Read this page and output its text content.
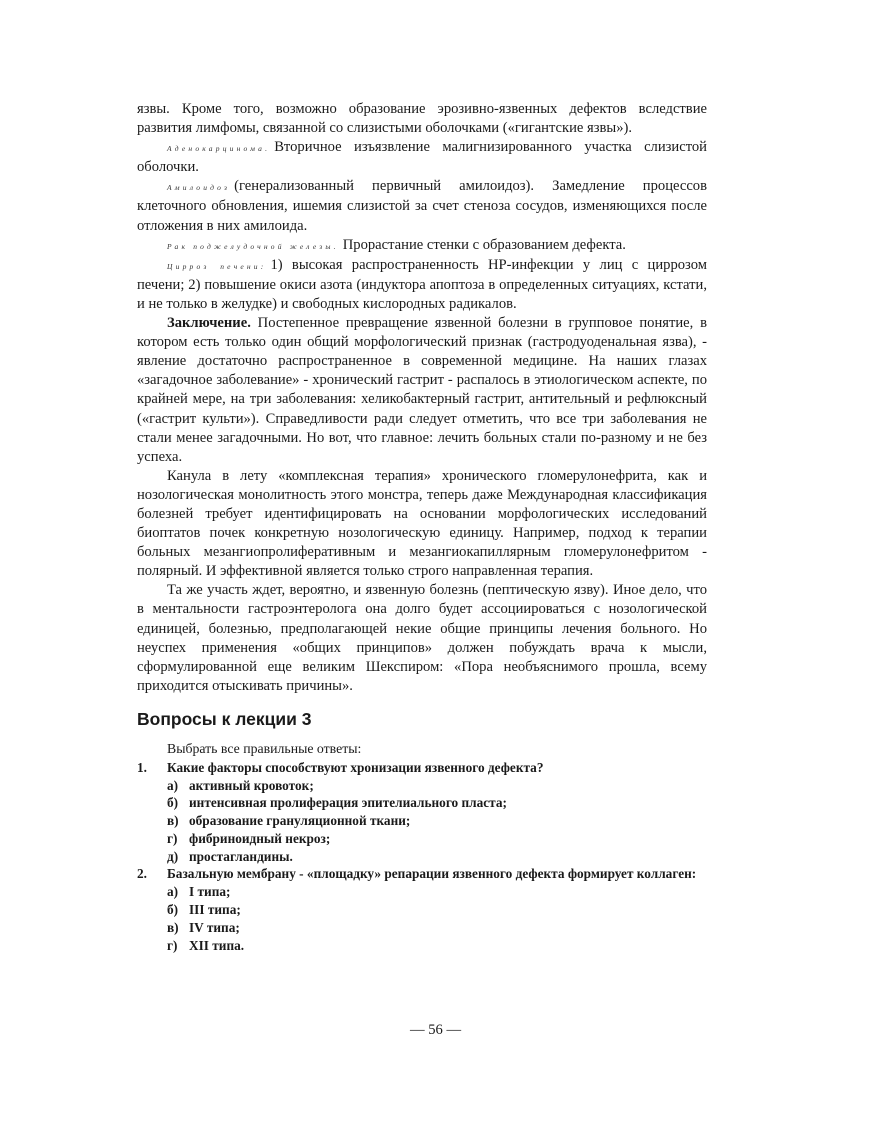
язвы. Кроме того, возможно образование эрозивно-язвенных дефектов вследствие развития лимфомы, связанной со слизистыми оболочками («гигантские язвы»).

Аденокарцинома. Вторичное изъязвление малигнизированного участка слизистой оболочки.

Амилоидоз (генерализованный первичный амилоидоз). Замедление процессов клеточного обновления, ишемия слизистой за счет стеноза сосудов, изменяющихся после отложения в них амилоида.

Рак поджелудочной железы. Прорастание стенки с образованием дефекта.

Цирроз печени: 1) высокая распространенность НР-инфекции у лиц с циррозом печени; 2) повышение окиси азота (индуктора апоптоза в определенных ситуациях, кстати, и не только в желудке) и свободных кислородных радикалов.

Заключение. Постепенное превращение язвенной болезни в групповое понятие, в котором есть только один общий морфологический признак (гастродуоденальная язва), - явление достаточно распространенное в современной медицине. На наших глазах «загадочное заболевание» - хронический гастрит - распалось в этиологическом аспекте, по крайней мере, на три заболевания: хеликобактерный гастрит, антительный и рефлюксный («гастрит культи»). Справедливости ради следует отметить, что все три заболевания не стали менее загадочными. Но вот, что главное: лечить больных стали по-разному и не без успеха.

Канула в лету «комплексная терапия» хронического гломерулонефрита, как и нозологическая монолитность этого монстра, теперь даже Международная классификация болезней требует идентифицировать на основании морфологических исследований биоптатов почек конкретную нозологическую единицу. Например, подход к терапии больных мезангиопролиферативным и мезангиокапиллярным гломерулонефритом - полярный. И эффективной является только строго направленная терапия.

Та же участь ждет, вероятно, и язвенную болезнь (пептическую язву). Иное дело, что в ментальности гастроэнтеролога она долго будет ассоциироваться с нозологической единицей, болезнью, предполагающей некие общие принципы лечения больного. Но неуспех применения «общих принципов» должен побуждать врача к мысли, сформулированной еще великим Шекспиром: «Пора необъяснимого прошла, всему приходится отыскивать причины».

Вопросы к лекции 3

Выбрать все правильные ответы:

1.	Какие факторы способствуют хронизации язвенного дефекта?
а) активный кровоток;
б) интенсивная пролиферация эпителиального пласта;
в) образование грануляционной ткани;
г) фибриноидный некроз;
д) простагландины.
2.	Базальную мембрану - «площадку» репарации язвенного дефекта формирует коллаген:
а) I типа;
б) III типа;
в) IV типа;
г) XII типа.
— 56 —
